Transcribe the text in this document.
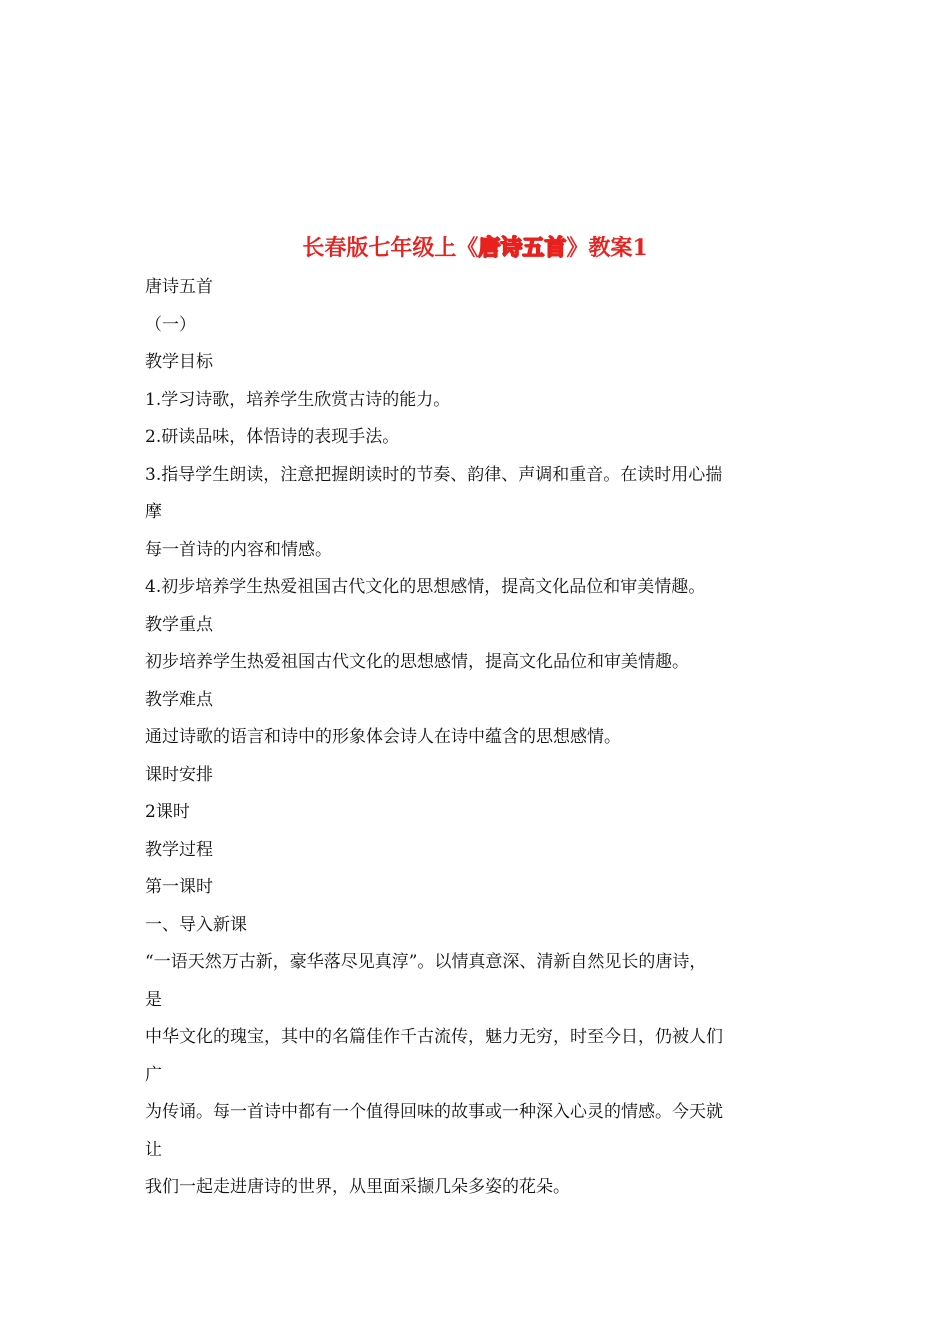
长春版七年级上《唐诗五首》教案1
唐诗五首
（一）
教学目标
1.学习诗歌，培养学生欣赏古诗的能力。
2.研读品味，体悟诗的表现手法。
3.指导学生朗读，注意把握朗读时的节奏、韵律、声调和重音。在读时用心揣
摩
每一首诗的内容和情感。
4.初步培养学生热爱祖国古代文化的思想感情，提高文化品位和审美情趣。
教学重点
初步培养学生热爱祖国古代文化的思想感情，提高文化品位和审美情趣。
教学难点
通过诗歌的语言和诗中的形象体会诗人在诗中蕴含的思想感情。
课时安排
2课时
教学过程
第一课时
一、导入新课
“一语天然万古新，豪华落尽见真淳”。以情真意深、清新自然见长的唐诗，
是
中华文化的瑰宝，其中的名篇佳作千古流传，魅力无穷，时至今日，仍被人们
广
为传诵。每一首诗中都有一个值得回味的故事或一种深入心灵的情感。今天就
让
我们一起走进唐诗的世界，从里面采撷几朵多姿的花朵。
